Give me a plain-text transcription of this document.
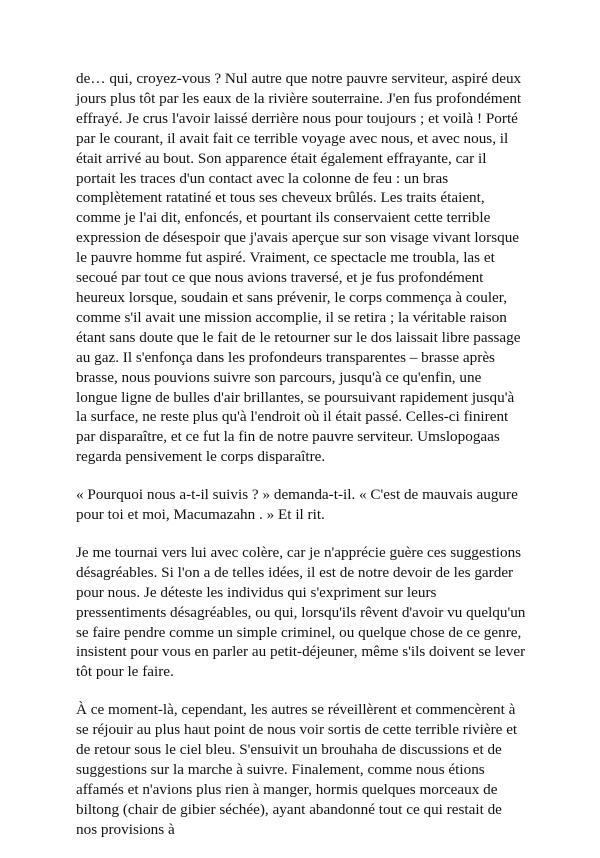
de… qui, croyez-vous ? Nul autre que notre pauvre serviteur, aspiré deux jours plus tôt par les eaux de la rivière souterraine. J'en fus profondément effrayé. Je crus l'avoir laissé derrière nous pour toujours ; et voilà ! Porté par le courant, il avait fait ce terrible voyage avec nous, et avec nous, il était arrivé au bout. Son apparence était également effrayante, car il portait les traces d'un contact avec la colonne de feu : un bras complètement ratatiné et tous ses cheveux brûlés. Les traits étaient, comme je l'ai dit, enfoncés, et pourtant ils conservaient cette terrible expression de désespoir que j'avais aperçue sur son visage vivant lorsque le pauvre homme fut aspiré. Vraiment, ce spectacle me troubla, las et secoué par tout ce que nous avions traversé, et je fus profondément heureux lorsque, soudain et sans prévenir, le corps commença à couler, comme s'il avait une mission accomplie, il se retira ; la véritable raison étant sans doute que le fait de le retourner sur le dos laissait libre passage au gaz. Il s'enfonça dans les profondeurs transparentes – brasse après brasse, nous pouvions suivre son parcours, jusqu'à ce qu'enfin, une longue ligne de bulles d'air brillantes, se poursuivant rapidement jusqu'à la surface, ne reste plus qu'à l'endroit où il était passé. Celles-ci finirent par disparaître, et ce fut la fin de notre pauvre serviteur. Umslopogaas regarda pensivement le corps disparaître.

« Pourquoi nous a-t-il suivis ? » demanda-t-il. « C'est de mauvais augure pour toi et moi, Macumazahn . » Et il rit.

Je me tournai vers lui avec colère, car je n'apprécie guère ces suggestions désagréables. Si l'on a de telles idées, il est de notre devoir de les garder pour nous. Je déteste les individus qui s'expriment sur leurs pressentiments désagréables, ou qui, lorsqu'ils rêvent d'avoir vu quelqu'un se faire pendre comme un simple criminel, ou quelque chose de ce genre, insistent pour vous en parler au petit-déjeuner, même s'ils doivent se lever tôt pour le faire.

À ce moment-là, cependant, les autres se réveillèrent et commencèrent à se réjouir au plus haut point de nous voir sortis de cette terrible rivière et de retour sous le ciel bleu. S'ensuivit un brouhaha de discussions et de suggestions sur la marche à suivre. Finalement, comme nous étions affamés et n'avions plus rien à manger, hormis quelques morceaux de biltong (chair de gibier séchée), ayant abandonné tout ce qui restait de nos provisions à
